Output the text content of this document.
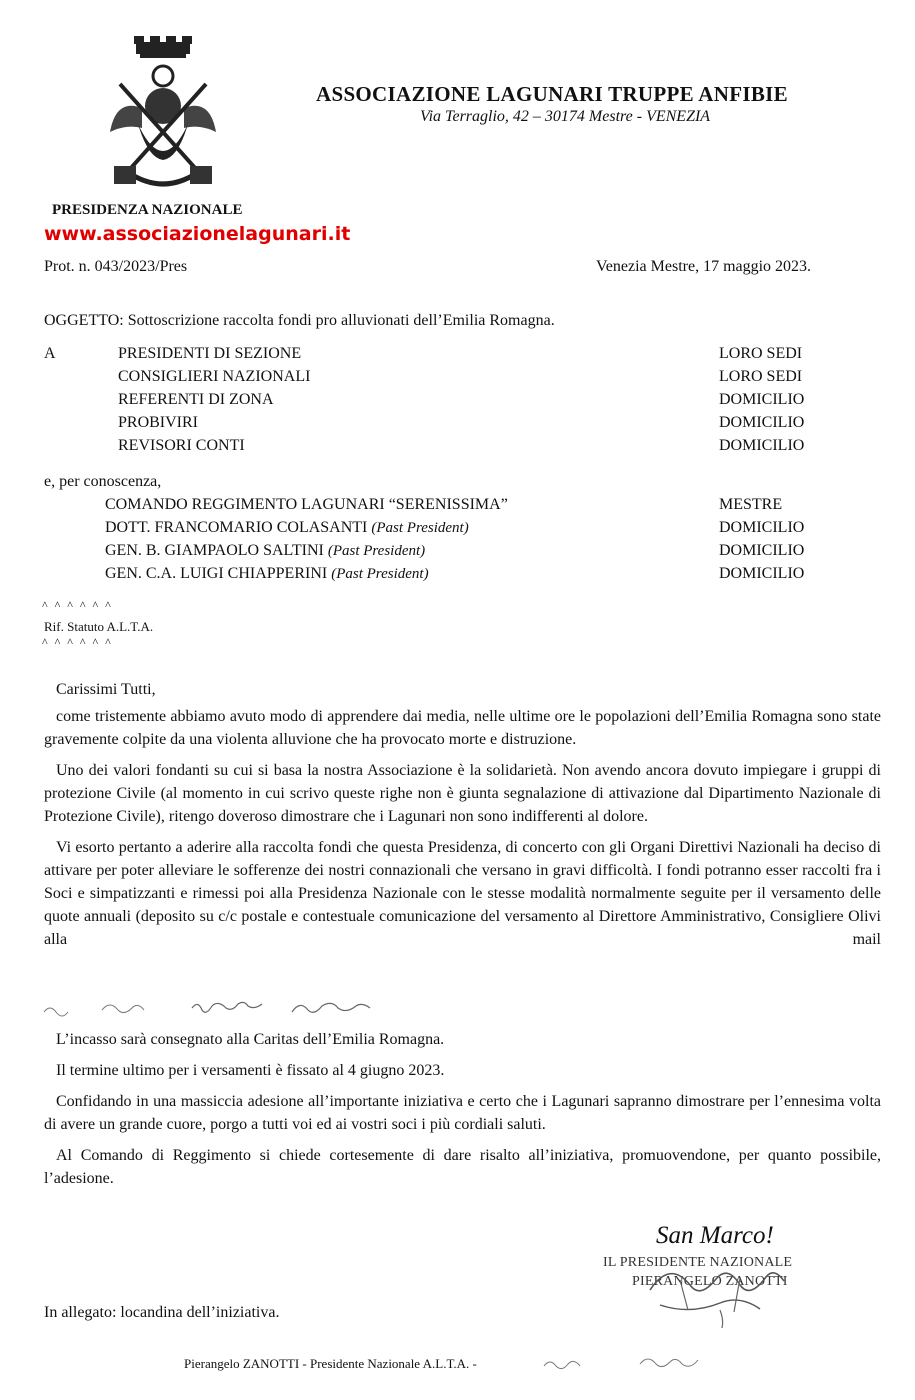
ASSOCIAZIONE LAGUNARI TRUPPE ANFIBIE
Via Terraglio, 42 – 30174 Mestre - VENEZIA
PRESIDENZA NAZIONALE
www.associazionelagunari.it
Prot. n. 043/2023/Pres	Venezia Mestre, 17 maggio 2023.
OGGETTO: Sottoscrizione raccolta fondi pro alluvionati dell’Emilia Romagna.
A	PRESIDENTI DI SEZIONE	LORO SEDI
CONSIGLIERI NAZIONALI	LORO SEDI
REFERENTI DI ZONA	DOMICILIO
PROBIVIRI	DOMICILIO
REVISORI CONTI	DOMICILIO
e, per conoscenza,
COMANDO REGGIMENTO LAGUNARI “SERENISSIMA”	MESTRE
DOTT. FRANCOMARIO COLASANTI (Past President)	DOMICILIO
GEN. B. GIAMPAOLO SALTINI (Past President)	DOMICILIO
GEN. C.A. LUIGI CHIAPPERINI (Past President)	DOMICILIO
^ ^ ^ ^ ^ ^
Rif. Statuto A.L.T.A.
^ ^ ^ ^ ^ ^
Carissimi Tutti,

come tristemente abbiamo avuto modo di apprendere dai media, nelle ultime ore le popolazioni dell’Emilia Romagna sono state gravemente colpite da una violenta alluvione che ha provocato morte e distruzione.

Uno dei valori fondanti su cui si basa la nostra Associazione è la solidarietà. Non avendo ancora dovuto impiegare i gruppi di protezione Civile (al momento in cui scrivo queste righe non è giunta segnalazione di attivazione dal Dipartimento Nazionale di Protezione Civile), ritengo doveroso dimostrare che i Lagunari non sono indifferenti al dolore.

Vi esorto pertanto a aderire alla raccolta fondi che questa Presidenza, di concerto con gli Organi Direttivi Nazionali ha deciso di attivare per poter alleviare le sofferenze dei nostri connazionali che versano in gravi difficoltà. I fondi potranno esser raccolti fra i Soci e simpatizzanti e rimessi poi alla Presidenza Nazionale con le stesse modalità normalmente seguite per il versamento delle quote annuali (deposito su c/c postale e contestuale comunicazione del versamento al Direttore Amministrativo, Consigliere Olivi alla mail

L’incasso sarà consegnato alla Caritas dell’Emilia Romagna.

Il termine ultimo per i versamenti è fissato al 4 giugno 2023.

Confidando in una massiccia adesione all’importante iniziativa e certo che i Lagunari sapranno dimostrare per l’ennesima volta di avere un grande cuore, porgo a tutti voi ed ai vostri soci i più cordiali saluti.

Al Comando di Reggimento si chiede cortesemente di dare risalto all’iniziativa, promuovendone, per quanto possibile, l’adesione.

San Marco!
IL PRESIDENTE NAZIONALE
PIERANGELO ZANOTTI
In allegato: locandina dell’iniziativa.
Pierangelo ZANOTTI - Presidente Nazionale A.L.T.A. -
